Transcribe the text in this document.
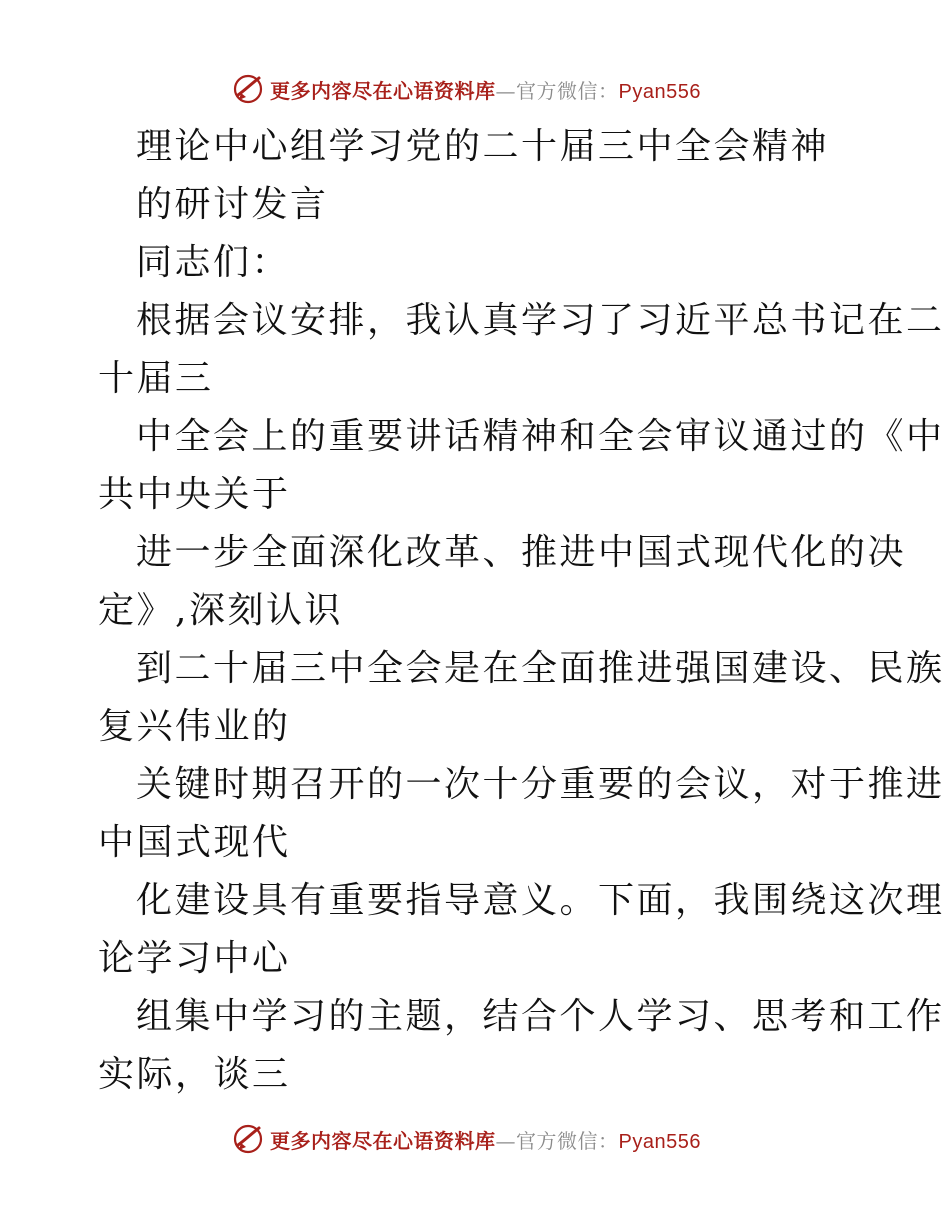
更多内容尽在心语资料库—官方微信：Pyan556
理论中心组学习党的二十届三中全会精神
的研讨发言
同志们：
根据会议安排，我认真学习了习近平总书记在二
十届三
中全会上的重要讲话精神和全会审议通过的《中
共中央关于
进一步全面深化改革、推进中国式现代化的决
定》,深刻认识
到二十届三中全会是在全面推进强国建设、民族
复兴伟业的
关键时期召开的一次十分重要的会议，对于推进
中国式现代
化建设具有重要指导意义。下面，我围绕这次理
论学习中心
组集中学习的主题，结合个人学习、思考和工作
实际，谈三
更多内容尽在心语资料库—官方微信：Pyan556
